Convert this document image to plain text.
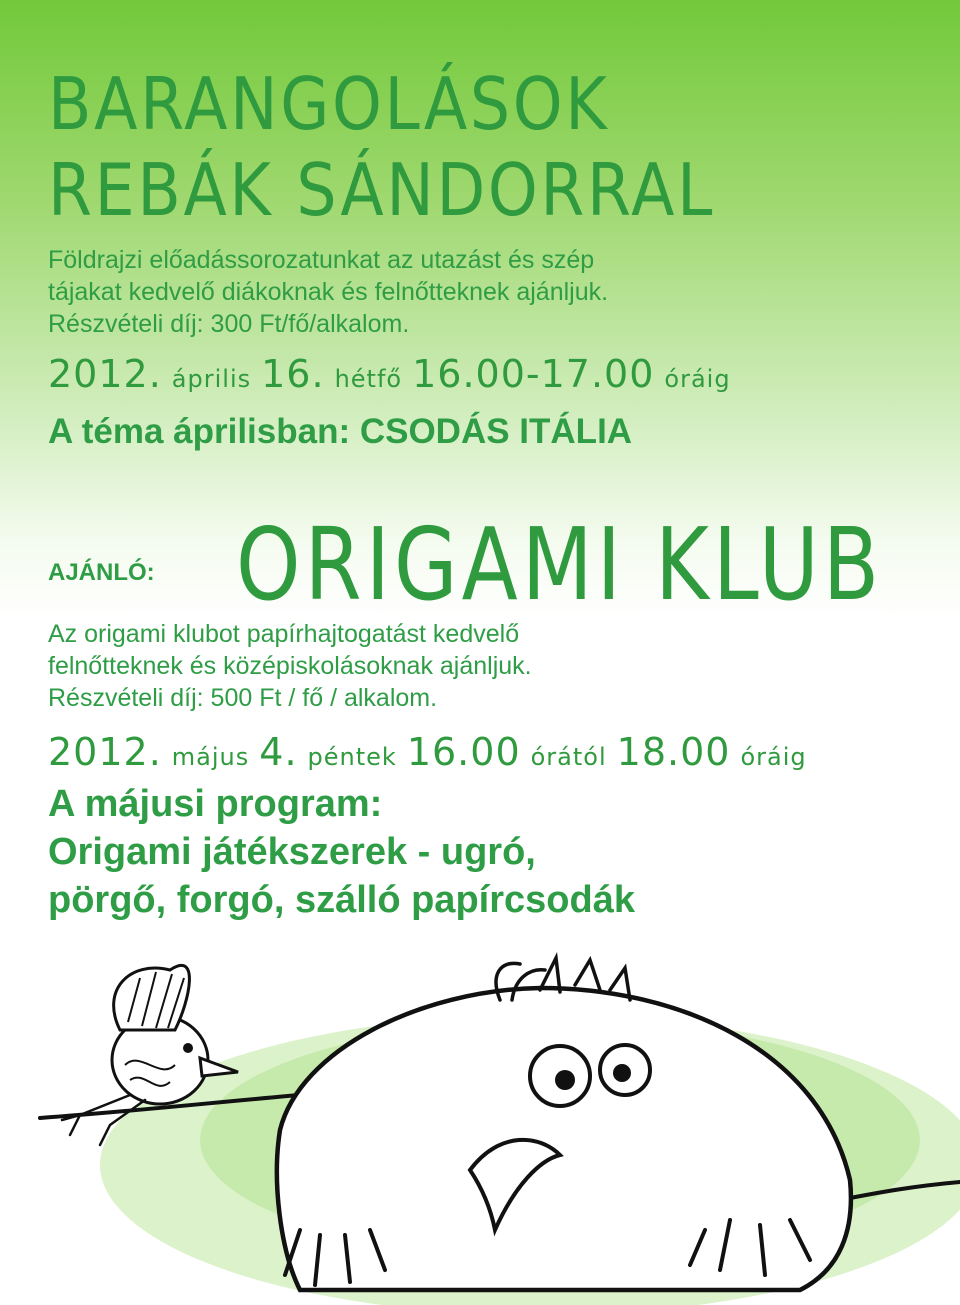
BARANGOLÁSOK
REBÁK SÁNDORRAL
Földrajzi előadássorozatunkat az utazást és szép
tájakat kedvelő diákoknak és felnőtteknek ajánljuk.
Részvételi díj: 300 Ft/fő/alkalom.
2012. április 16. hétfő 16.00-17.00 óráig
A téma áprilisban: CSODÁS ITÁLIA
AJÁNLÓ: ORIGAMI KLUB
Az origami klubot papírhajtogatást kedvelő
felnőtteknek és középiskolásoknak ajánljuk.
Részvételi díj: 500 Ft / fő / alkalom.
2012. május 4. péntek 16.00 órától 18.00 óráig
A májusi program:
Origami játékszerek - ugró,
pörgő, forgó, szálló papírcsodák
